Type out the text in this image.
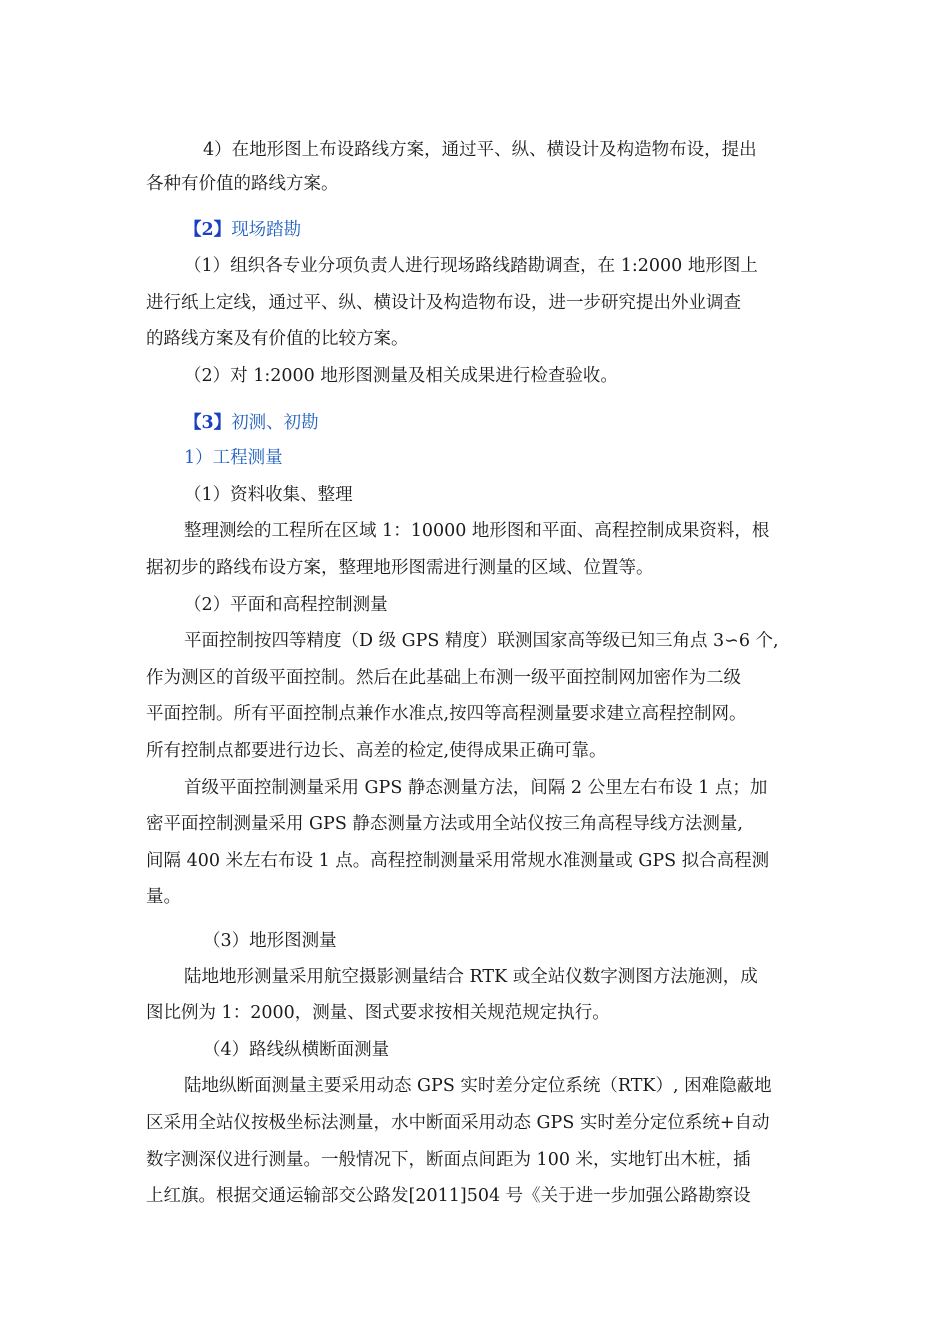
4）在地形图上布设路线方案，通过平、纵、横设计及构造物布设，提出
各种有价值的路线方案。
【2】现场踏勘
（1）组织各专业分项负责人进行现场路线踏勘调查，在 1:2000 地形图上
进行纸上定线，通过平、纵、横设计及构造物布设，进一步研究提出外业调查
的路线方案及有价值的比较方案。
（2）对 1:2000 地形图测量及相关成果进行检查验收。
【3】初测、初勘
1）工程测量
（1）资料收集、整理
整理测绘的工程所在区域 1：10000 地形图和平面、高程控制成果资料，根
据初步的路线布设方案，整理地形图需进行测量的区域、位置等。
（2）平面和高程控制测量
平面控制按四等精度（D 级 GPS 精度）联测国家高等级已知三角点 3∽6 个,
作为测区的首级平面控制。然后在此基础上布测一级平面控制网加密作为二级
平面控制。所有平面控制点兼作水准点,按四等高程测量要求建立高程控制网。
所有控制点都要进行边长、高差的检定,使得成果正确可靠。
首级平面控制测量采用 GPS 静态测量方法，间隔 2 公里左右布设 1 点；加
密平面控制测量采用 GPS 静态测量方法或用全站仪按三角高程导线方法测量,
间隔 400 米左右布设 1 点。高程控制测量采用常规水准测量或 GPS 拟合高程测
量。
（3）地形图测量
陆地地形测量采用航空摄影测量结合 RTK 或全站仪数字测图方法施测，成
图比例为 1：2000，测量、图式要求按相关规范规定执行。
（4）路线纵横断面测量
陆地纵断面测量主要采用动态 GPS 实时差分定位系统（RTK）, 困难隐蔽地
区采用全站仪按极坐标法测量，水中断面采用动态 GPS 实时差分定位系统+自动
数字测深仪进行测量。一般情况下，断面点间距为 100 米，实地钉出木桩，插
上红旗。根据交通运输部交公路发[2011]504 号《关于进一步加强公路勘察设
